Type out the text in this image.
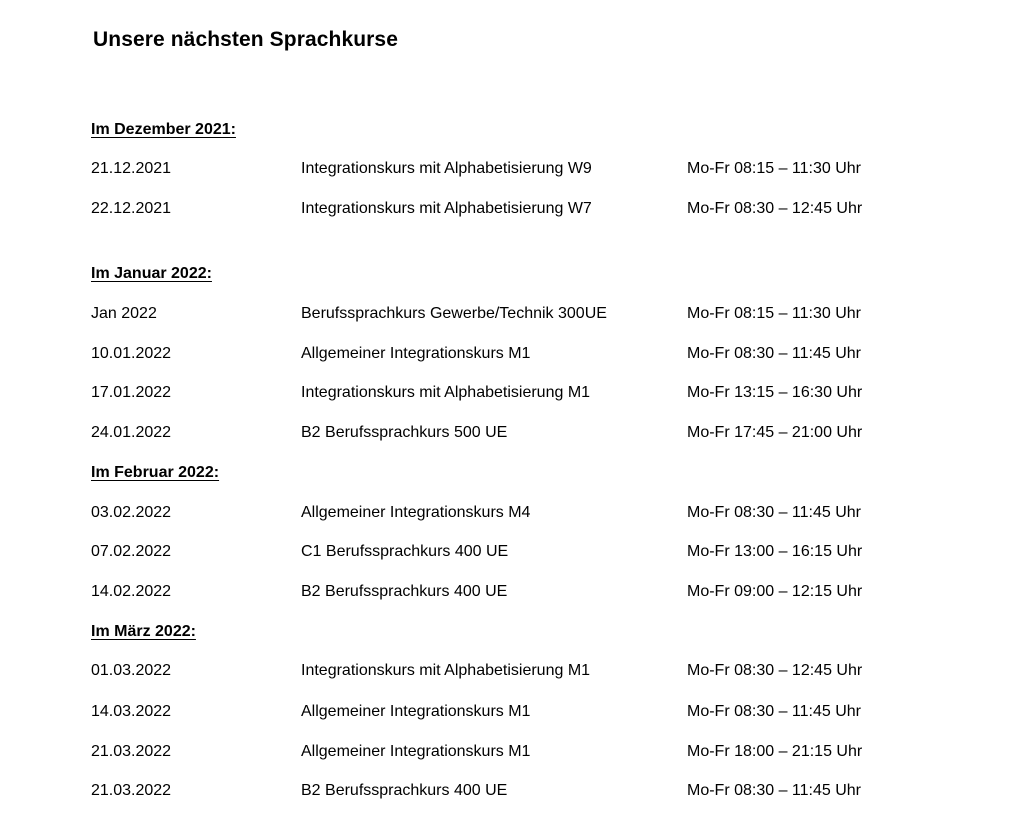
Unsere nächsten Sprachkurse
Im Dezember 2021:
21.12.2021	Integrationskurs mit Alphabetisierung W9	Mo-Fr 08:15 – 11:30 Uhr
22.12.2021	Integrationskurs mit Alphabetisierung W7	Mo-Fr 08:30 – 12:45 Uhr
Im Januar 2022:
Jan 2022	Berufssprachkurs Gewerbe/Technik 300UE	Mo-Fr 08:15 – 11:30 Uhr
10.01.2022	Allgemeiner Integrationskurs M1	Mo-Fr 08:30 – 11:45 Uhr
17.01.2022	Integrationskurs mit Alphabetisierung M1	Mo-Fr 13:15 – 16:30 Uhr
24.01.2022	B2 Berufssprachkurs 500 UE	Mo-Fr 17:45 – 21:00 Uhr
Im Februar 2022:
03.02.2022	Allgemeiner Integrationskurs M4	Mo-Fr 08:30 – 11:45 Uhr
07.02.2022	C1 Berufssprachkurs 400 UE	Mo-Fr 13:00 – 16:15 Uhr
14.02.2022	B2 Berufssprachkurs 400 UE	Mo-Fr 09:00 – 12:15 Uhr
Im März 2022:
01.03.2022	Integrationskurs mit Alphabetisierung M1	Mo-Fr 08:30 – 12:45 Uhr
14.03.2022	Allgemeiner Integrationskurs M1	Mo-Fr 08:30 – 11:45 Uhr
21.03.2022	Allgemeiner Integrationskurs M1	Mo-Fr 18:00 – 21:15 Uhr
21.03.2022	B2 Berufssprachkurs 400 UE	Mo-Fr 08:30 – 11:45 Uhr
